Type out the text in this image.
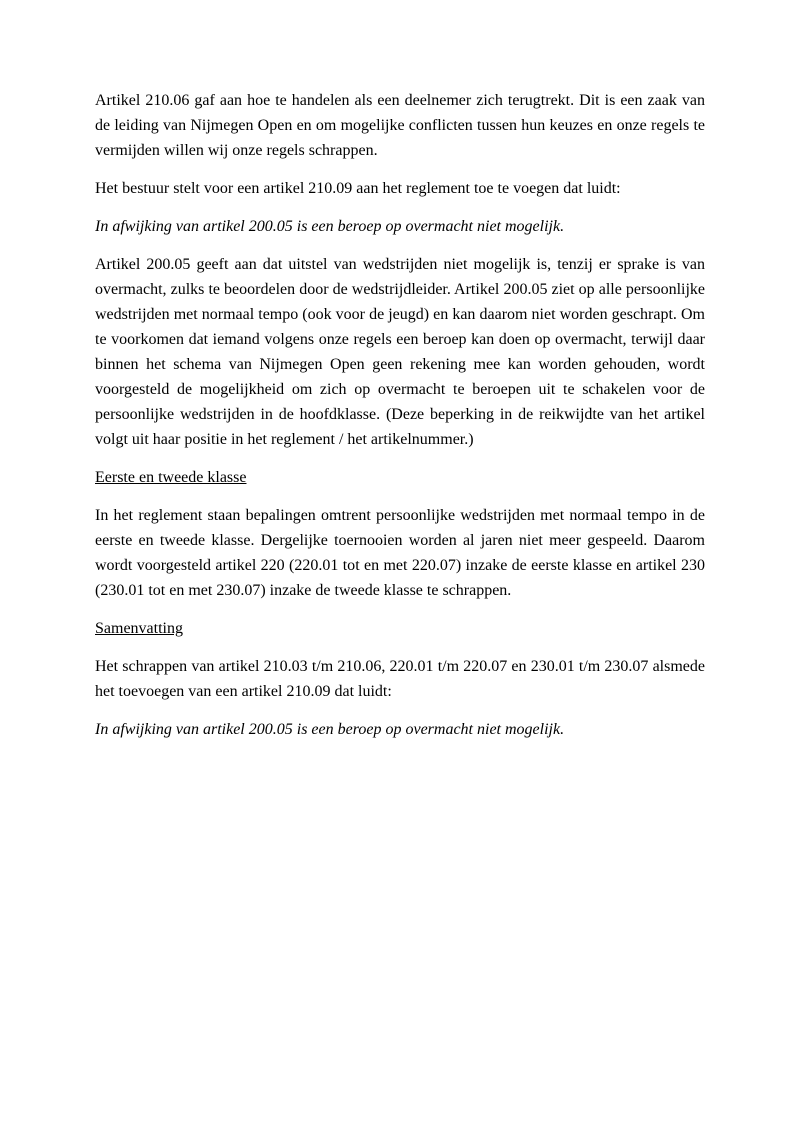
Artikel 210.06 gaf aan hoe te handelen als een deelnemer zich terugtrekt. Dit is een zaak van de leiding van Nijmegen Open en om mogelijke conflicten tussen hun keuzes en onze regels te vermijden willen wij onze regels schrappen.

Het bestuur stelt voor een artikel 210.09 aan het reglement toe te voegen dat luidt:

In afwijking van artikel 200.05 is een beroep op overmacht niet mogelijk.

Artikel 200.05 geeft aan dat uitstel van wedstrijden niet mogelijk is, tenzij er sprake is van overmacht, zulks te beoordelen door de wedstrijdleider. Artikel 200.05 ziet op alle persoonlijke wedstrijden met normaal tempo (ook voor de jeugd) en kan daarom niet worden geschrapt. Om te voorkomen dat iemand volgens onze regels een beroep kan doen op overmacht, terwijl daar binnen het schema van Nijmegen Open geen rekening mee kan worden gehouden, wordt voorgesteld de mogelijkheid om zich op overmacht te beroepen uit te schakelen voor de persoonlijke wedstrijden in de hoofdklasse. (Deze beperking in de reikwijdte van het artikel volgt uit haar positie in het reglement / het artikelnummer.)

Eerste en tweede klasse

In het reglement staan bepalingen omtrent persoonlijke wedstrijden met normaal tempo in de eerste en tweede klasse. Dergelijke toernooien worden al jaren niet meer gespeeld. Daarom wordt voorgesteld artikel 220 (220.01 tot en met 220.07) inzake de eerste klasse en artikel 230 (230.01 tot en met 230.07) inzake de tweede klasse te schrappen.

Samenvatting

Het schrappen van artikel 210.03 t/m 210.06, 220.01 t/m 220.07 en 230.01 t/m 230.07 alsmede het toevoegen van een artikel 210.09 dat luidt:

In afwijking van artikel 200.05 is een beroep op overmacht niet mogelijk.
